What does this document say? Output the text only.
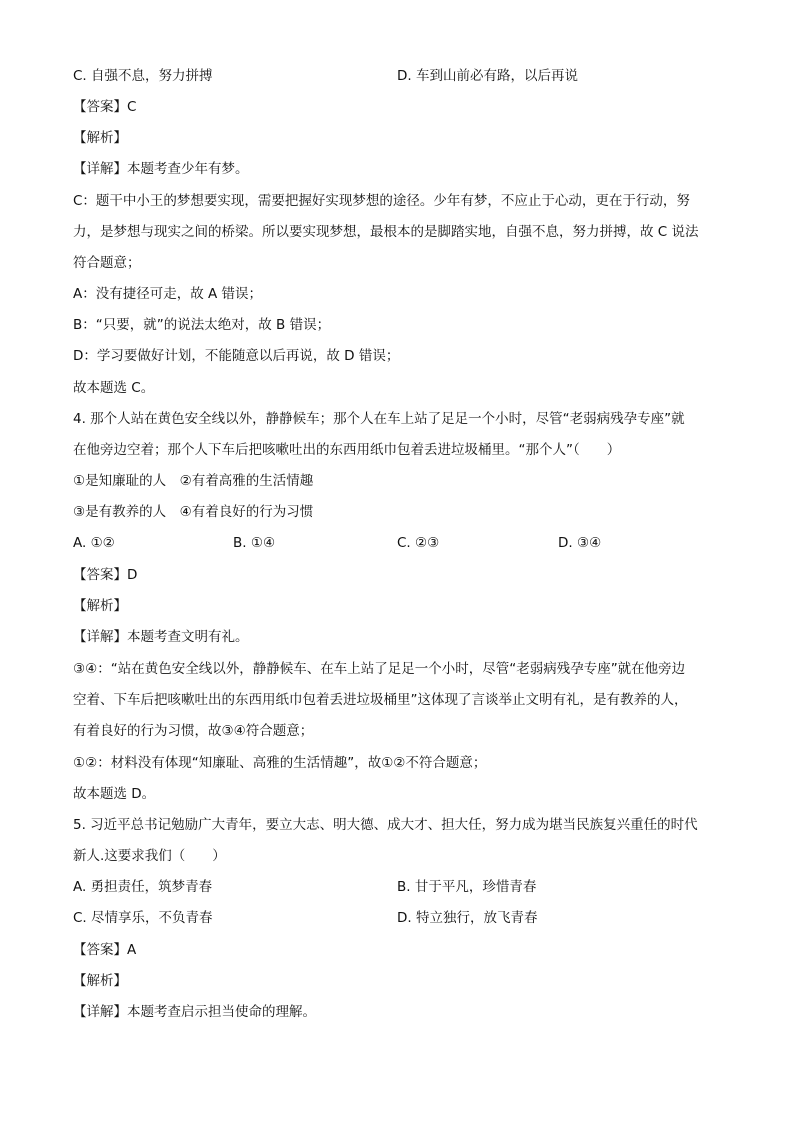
C. 自强不息，努力拼搏	D. 车到山前必有路，以后再说
【答案】C
【解析】
【详解】本题考查少年有梦。
C：题干中小王的梦想要实现，需要把握好实现梦想的途径。少年有梦，不应止于心动，更在于行动，努
力，是梦想与现实之间的桥梁。所以要实现梦想，最根本的是脚踏实地，自强不息，努力拼搏，故 C 说法
符合题意；
A：没有捷径可走，故 A 错误；
B：“只要，就”的说法太绝对，故 B 错误；
D：学习要做好计划，不能随意以后再说，故 D 错误；
故本题选 C。
4. 那个人站在黄色安全线以外，静静候车；那个人在车上站了足足一个小时，尽管“老弱病残孕专座”就
在他旁边空着；那个人下车后把咳嗽吐出的东西用纸巾包着丢进垃圾桶里。“那个人”（　　）
①是知廉耻的人　②有着高雅的生活情趣
③是有教养的人　④有着良好的行为习惯
A. ①②	B. ①④	C. ②③	D. ③④
【答案】D
【解析】
【详解】本题考查文明有礼。
③④：“站在黄色安全线以外，静静候车、在车上站了足足一个小时，尽管“老弱病残孕专座”就在他旁边
空着、下车后把咳嗽吐出的东西用纸巾包着丢进垃圾桶里”这体现了言谈举止文明有礼，是有教养的人，
有着良好的行为习惯，故③④符合题意；
①②：材料没有体现“知廉耻、高雅的生活情趣”，故①②不符合题意；
故本题选 D。
5. 习近平总书记勉励广大青年，要立大志、明大德、成大才、担大任，努力成为堪当民族复兴重任的时代
新人.这要求我们（　　）
A. 勇担责任，筑梦青春	B. 甘于平凡，珍惜青春
C. 尽情享乐，不负青春	D. 特立独行，放飞青春
【答案】A
【解析】
【详解】本题考查启示担当使命的理解。
